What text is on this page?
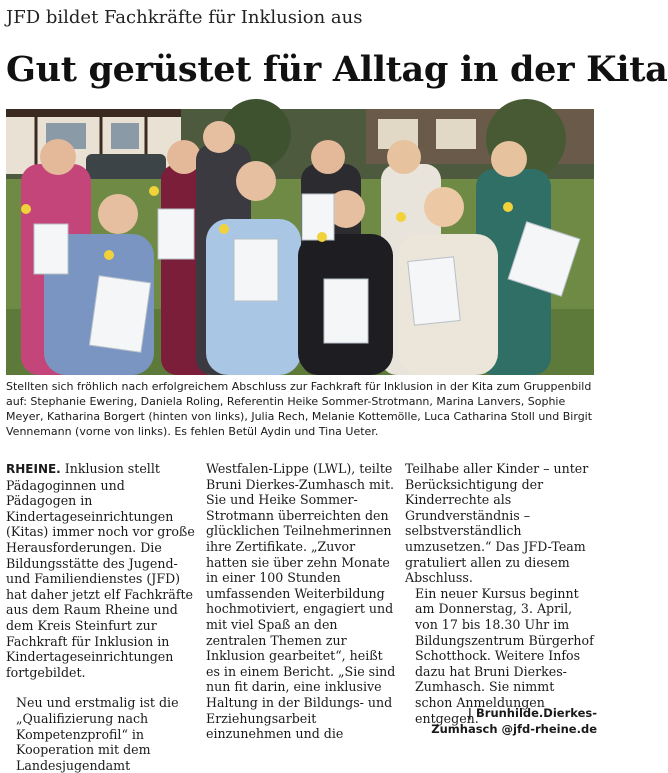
JFD bildet Fachkräfte für Inklusion aus
Gut gerüstet für Alltag in der Kita
Stellten sich fröhlich nach erfolgreichem Abschluss zur Fachkraft für Inklusion in der Kita zum Gruppenbild auf: Stephanie Ewering, Daniela Roling, Referentin Heike Sommer-Strotmann, Marina Lanvers, Sophie Meyer, Katharina Borgert (hinten von links), Julia Rech, Melanie Kottemölle, Luca Catharina Stoll und Birgit Vennemann (vorne von links). Es fehlen Betül Aydin und Tina Ueter.

RHEINE. Inklusion stellt Pädagoginnen und Pädagogen in Kindertageseinrichtungen (Kitas) immer noch vor große Herausforderungen. Die Bildungsstätte des Jugend- und Familiendienstes (JFD) hat daher jetzt elf Fachkräfte aus dem Raum Rheine und dem Kreis Steinfurt zur Fachkraft für Inklusion in Kindertageseinrichtungen fortgebildet.

Neu und erstmalig ist die „Qualifizierung nach Kompetenzprofil“ in Kooperation mit dem Landesjugendamt

Westfalen-Lippe (LWL), teilte Bruni Dierkes-Zumhasch mit. Sie und Heike Sommer-Strotmann überreichten den glücklichen Teilnehmerinnen ihre Zertifikate. „Zuvor hatten sie über zehn Monate in einer 100 Stunden umfassenden Weiterbildung hochmotiviert, engagiert und mit viel Spaß an den zentralen Themen zur Inklusion gearbeitet“, heißt es in einem Bericht. „Sie sind nun fit darin, eine inklusive Haltung in der Bildungs- und Erziehungsarbeit einzunehmen und die

Teilhabe aller Kinder – unter Berücksichtigung der Kinderrechte als Grundverständnis – selbstverständlich umzusetzen.“ Das JFD-Team gratuliert allen zu diesem Abschluss.

Ein neuer Kursus beginnt am Donnerstag, 3. April, von 17 bis 18.30 Uhr im Bildungszentrum Bürgerhof Schotthock. Weitere Infos dazu hat Bruni Dierkes-Zumhasch. Sie nimmt schon Anmeldungen entgegen.

| Brunhilde.Dierkes-
Zumhasch @jfd-rheine.de
